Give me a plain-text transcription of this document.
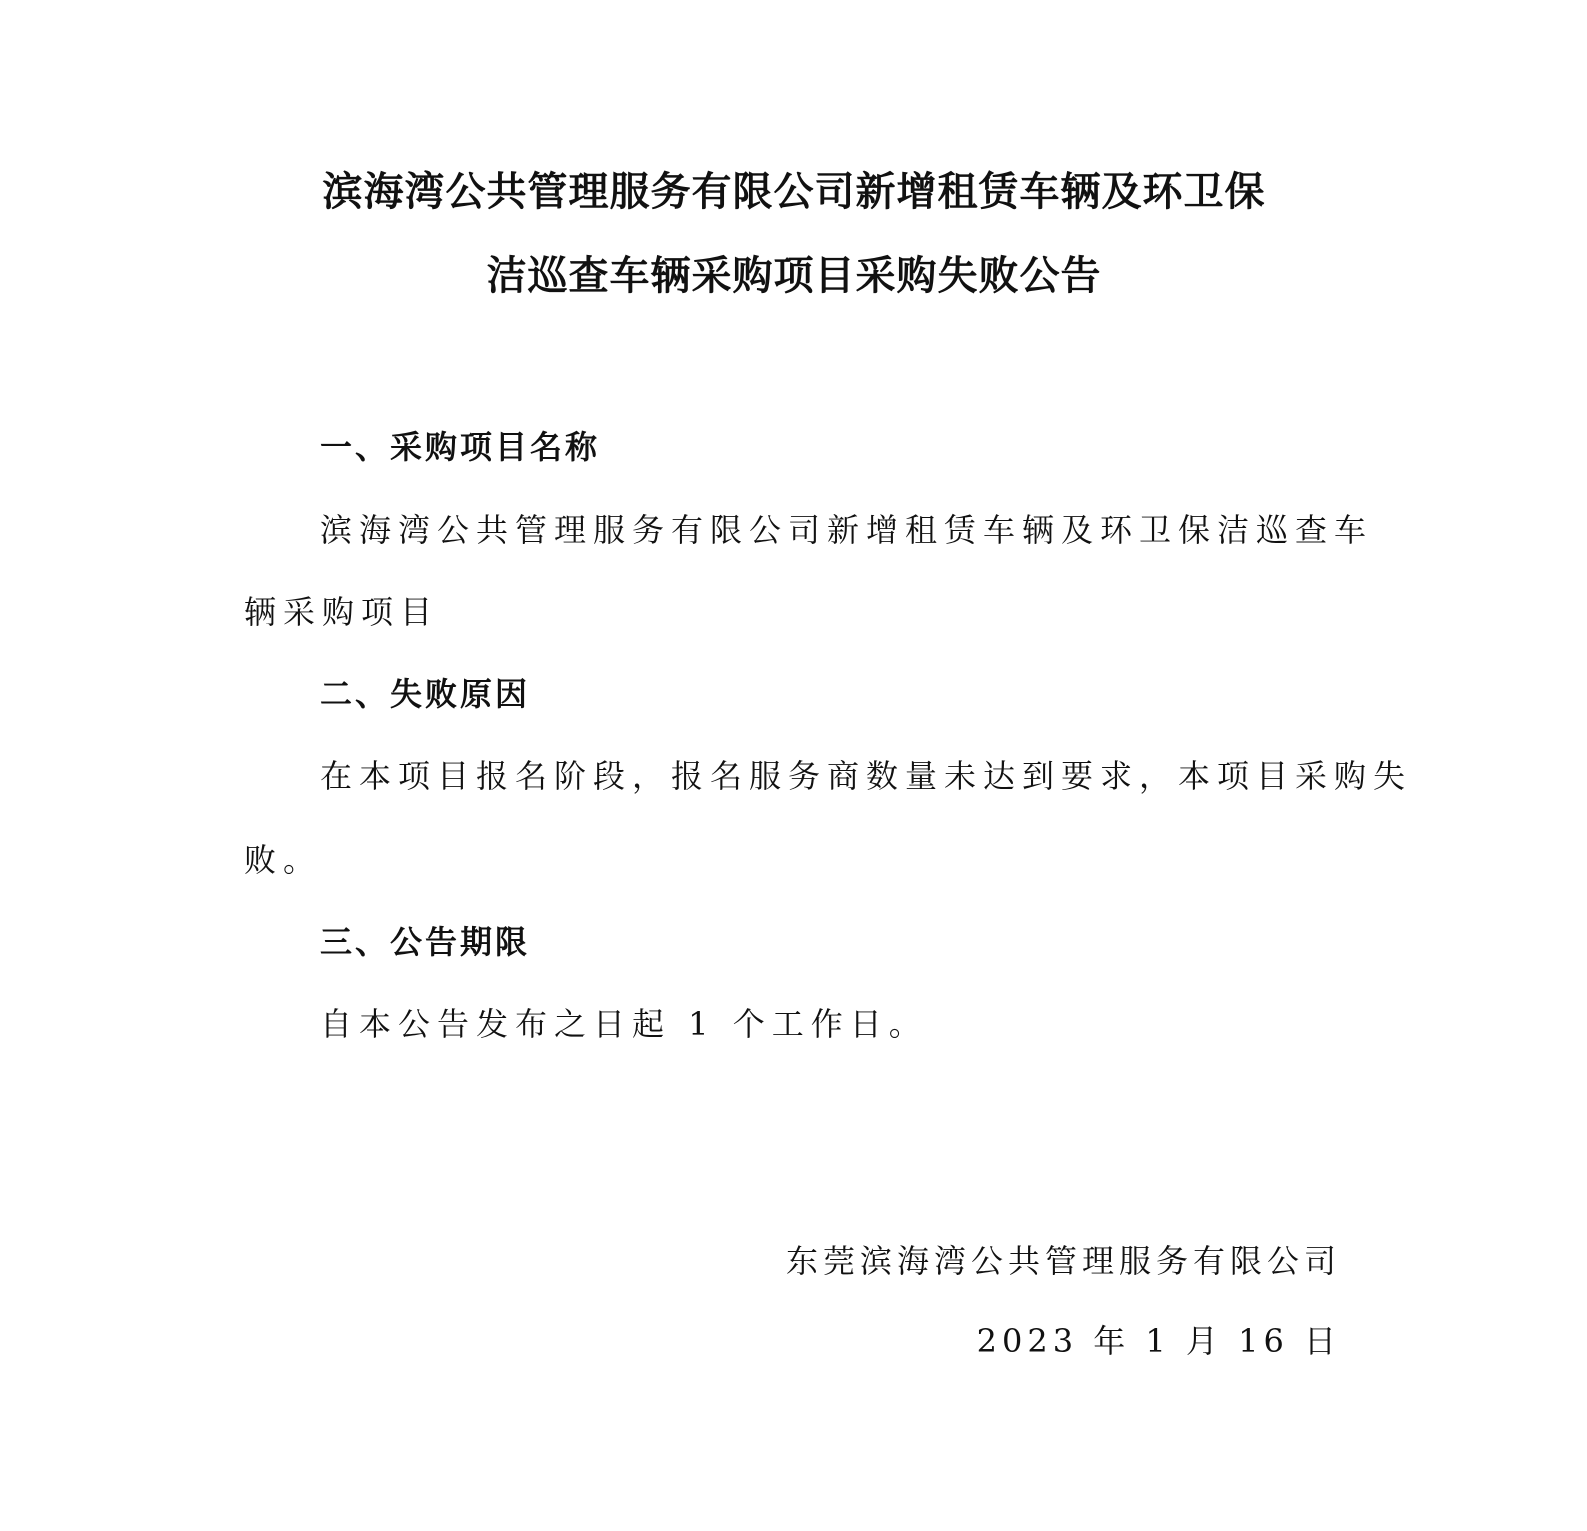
滨海湾公共管理服务有限公司新增租赁车辆及环卫保
洁巡查车辆采购项目采购失败公告
一、采购项目名称
滨海湾公共管理服务有限公司新增租赁车辆及环卫保洁巡查车
辆采购项目
二、失败原因
在本项目报名阶段，报名服务商数量未达到要求，本项目采购失
败。
三、公告期限
自本公告发布之日起 1 个工作日。
东莞滨海湾公共管理服务有限公司
2023 年 1 月 16 日
